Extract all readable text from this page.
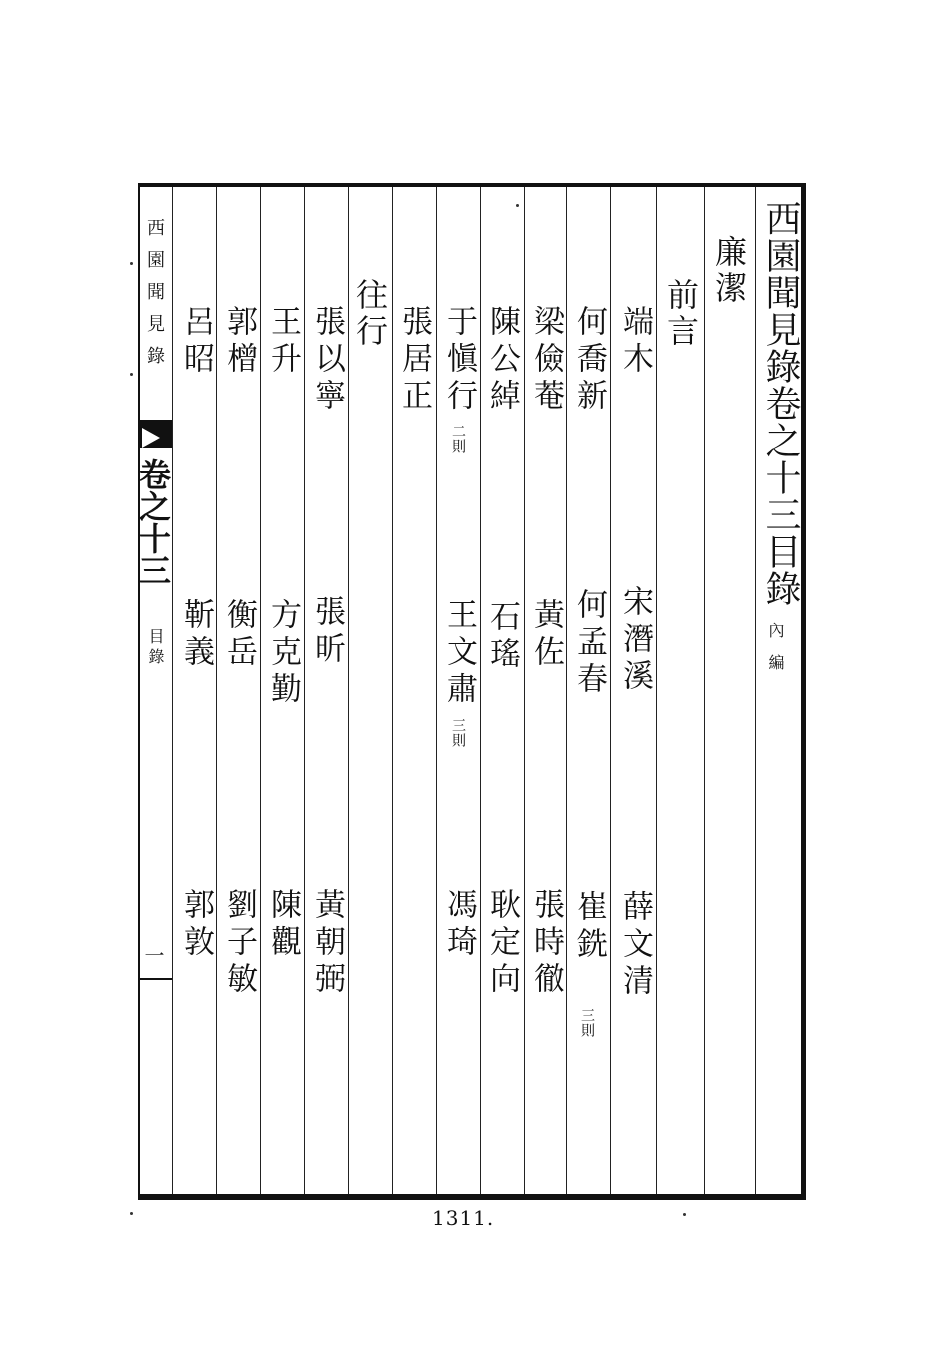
西園聞見錄卷之十三目錄
內編
廉潔
前言
端木
宋潛溪
薛文清
何喬新
何孟春
崔銑
三則
梁儉菴
黃佐
張時徹
陳公綽
石瑤
耿定向
于愼行
二則
王文肅
三則
馮琦
張居正
往行
張以寧
張昕
黃朝弼
王升
方克勤
陳觀
郭橧
衡岳
劉子敏
呂昭
靳義
郭敦
西園聞見錄
卷之十三
目錄
一
1311.
